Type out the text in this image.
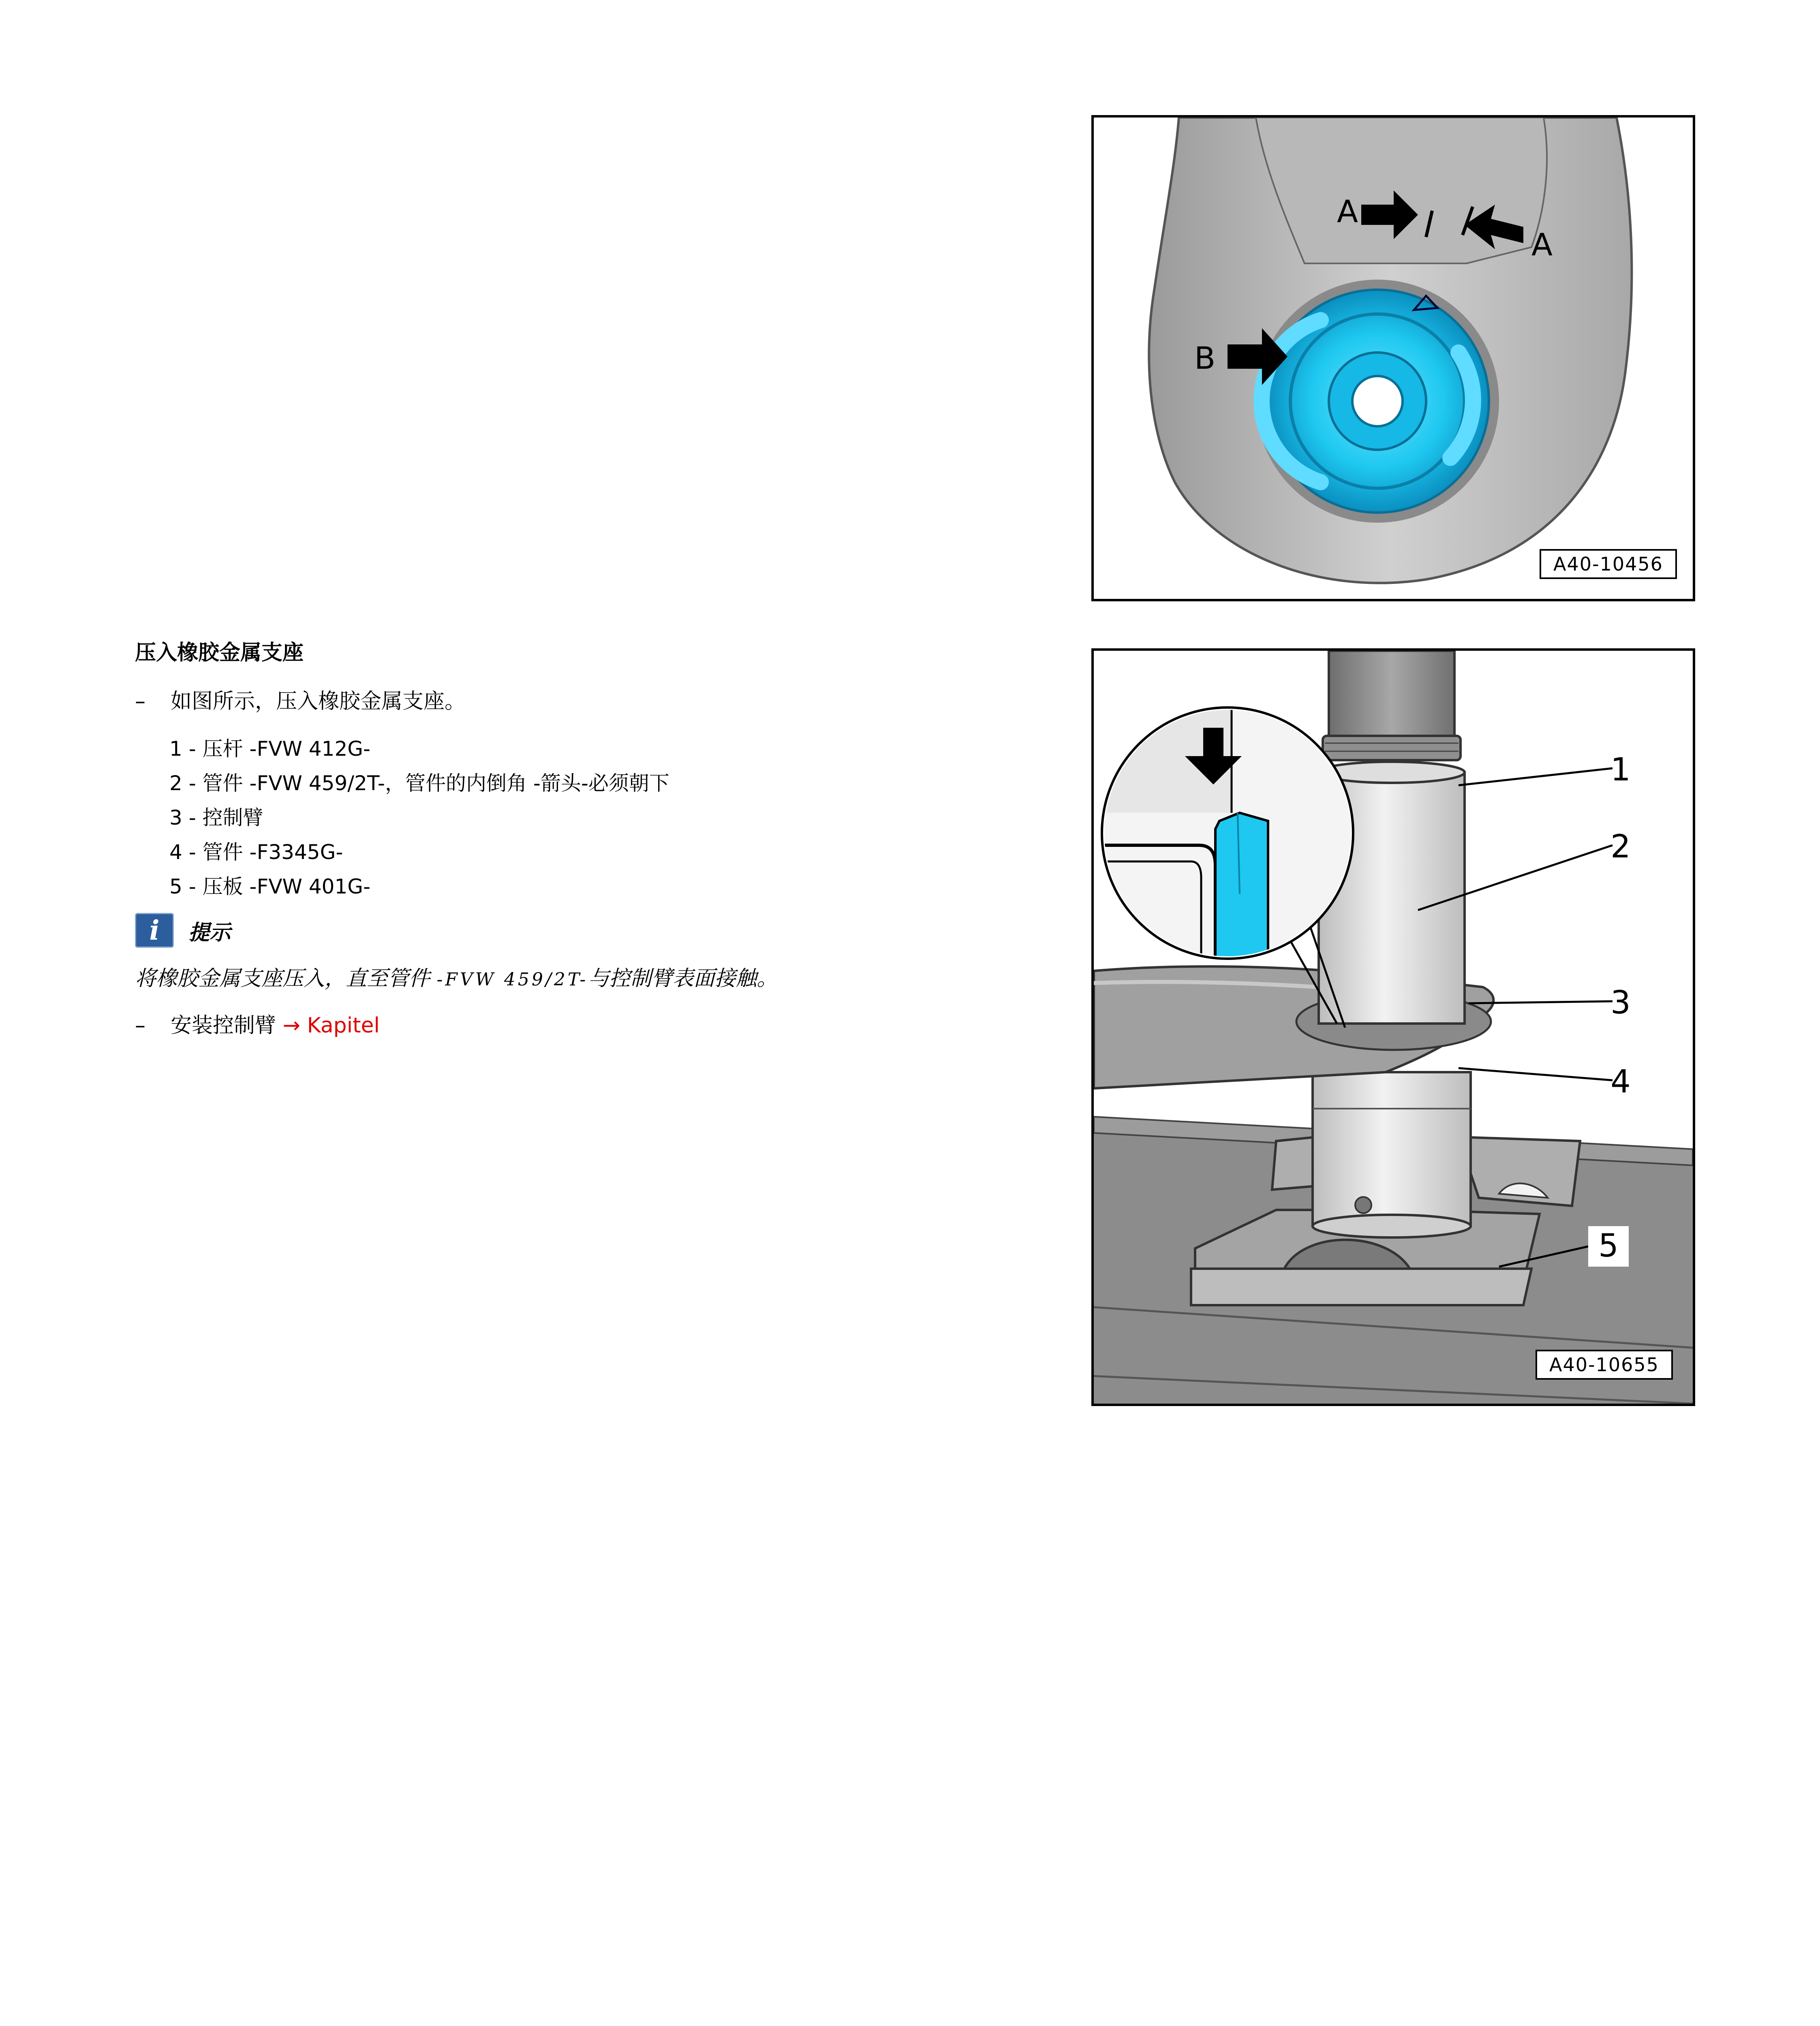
压入橡胶金属支座
– 如图所示，压入橡胶金属支座。
1 - 压杆 -FVW 412G-
2 - 管件 -FVW 459/2T-，管件的内倒角 -箭头-必须朝下
3 - 控制臂
4 - 管件 -F3345G-
5 - 压板 -FVW 401G-
i 提示
将橡胶金属支座压入，直至管件 -FVW 459/2T-与控制臂表面接触。
– 安装控制臂 → Kapitel
A
A
B
A40-10456
1
2
3
4
5
A40-10655
